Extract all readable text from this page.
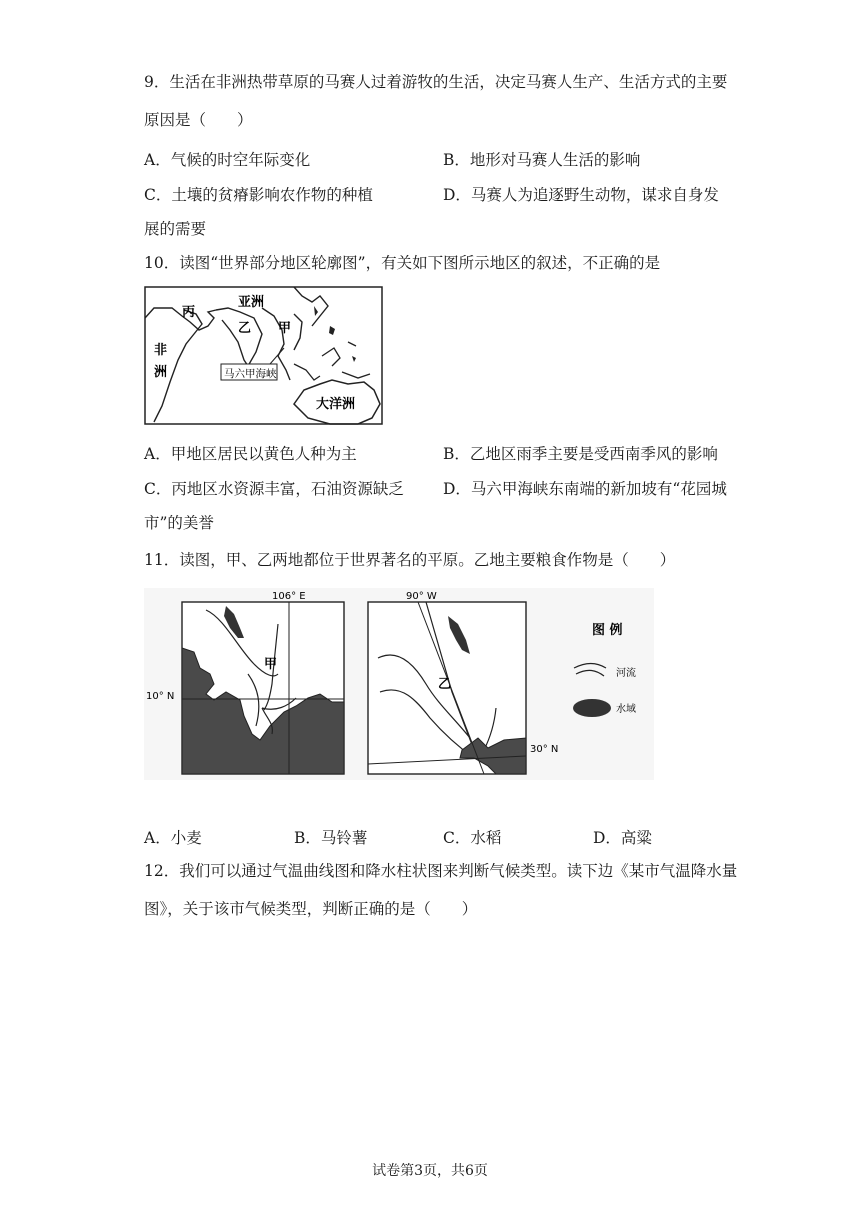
9．生活在非洲热带草原的马赛人过着游牧的生活，决定马赛人生产、生活方式的主要
原因是（　　）
A．气候的时空年际变化	B．地形对马赛人生活的影响
C．土壤的贫瘠影响农作物的种植	D．马赛人为追逐野生动物，谋求自身发
展的需要
10．读图“世界部分地区轮廓图”，有关如下图所示地区的叙述，不正确的是
亚洲
丙
乙 甲
非
洲	马六甲海峡
大洋洲
A．甲地区居民以黄色人种为主	B．乙地区雨季主要是受西南季风的影响
C．丙地区水资源丰富，石油资源缺乏	D．马六甲海峡东南端的新加坡有“花园城
市”的美誉
11．读图，甲、乙两地都位于世界著名的平原。乙地主要粮食作物是（　　）
106° E
10° N
甲
90° W
30° N
乙
图 例
河流
水域
A．小麦	B．马铃薯	C．水稻	D．高粱
12．我们可以通过气温曲线图和降水柱状图来判断气候类型。读下边《某市气温降水量
图》，关于该市气候类型，判断正确的是（　　）
试卷第3页，共6页
